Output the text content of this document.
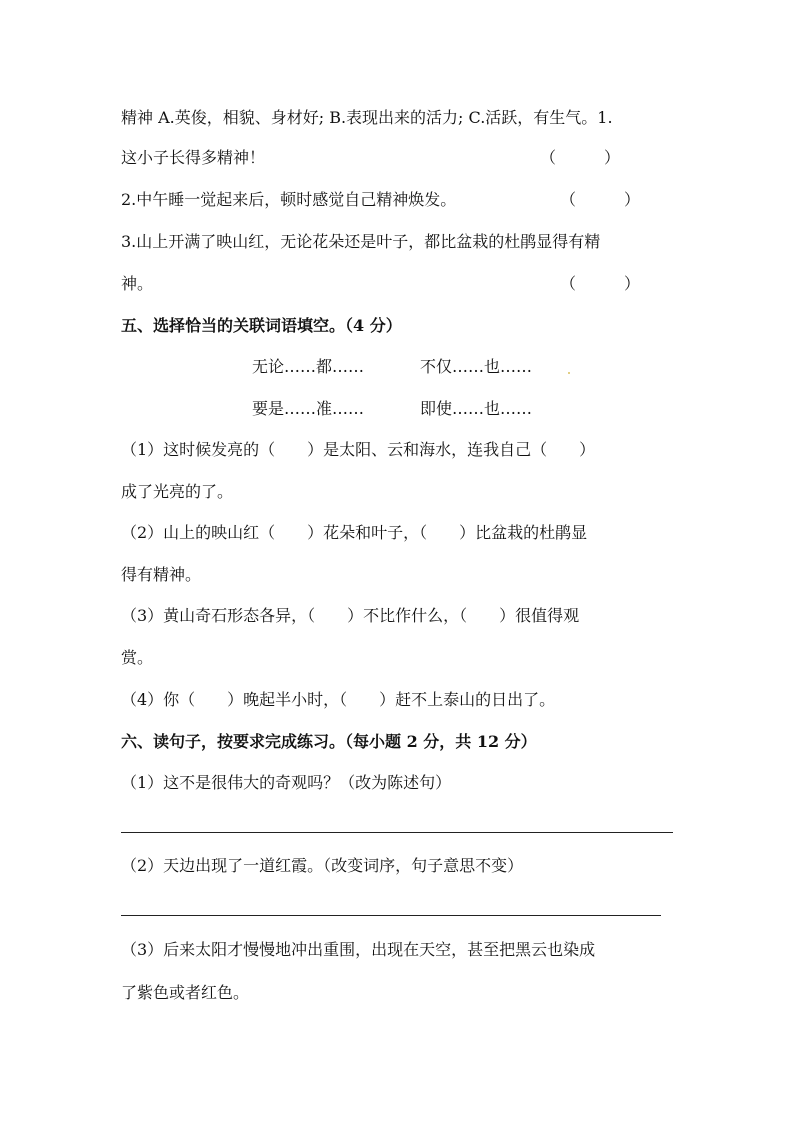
精神 A.英俊，相貌、身材好; B.表现出来的活力; C.活跃，有生气。1.
这小子长得多精神！	（　　　）
2.中午睡一觉起来后，顿时感觉自己精神焕发。	（　　　）
3.山上开满了映山红，无论花朵还是叶子，都比盆栽的杜鹃显得有精
神。	（　　　）
五、选择恰当的关联词语填空。（4 分）
无论……都……	不仅……也……
要是……准……	即使……也……
（1）这时候发亮的（　　）是太阳、云和海水，连我自己（　　）
成了光亮的了。
（2）山上的映山红（　　）花朵和叶子，（　　）比盆栽的杜鹃显
得有精神。
（3）黄山奇石形态各异，（　　）不比作什么，（　　）很值得观
赏。
（4）你（　　）晚起半小时，（　　）赶不上泰山的日出了。
六、读句子，按要求完成练习。（每小题 2 分，共 12 分）
（1）这不是很伟大的奇观吗？（改为陈述句）
（2）天边出现了一道红霞。（改变词序，句子意思不变）
（3）后来太阳才慢慢地冲出重围，出现在天空，甚至把黑云也染成
了紫色或者红色。
